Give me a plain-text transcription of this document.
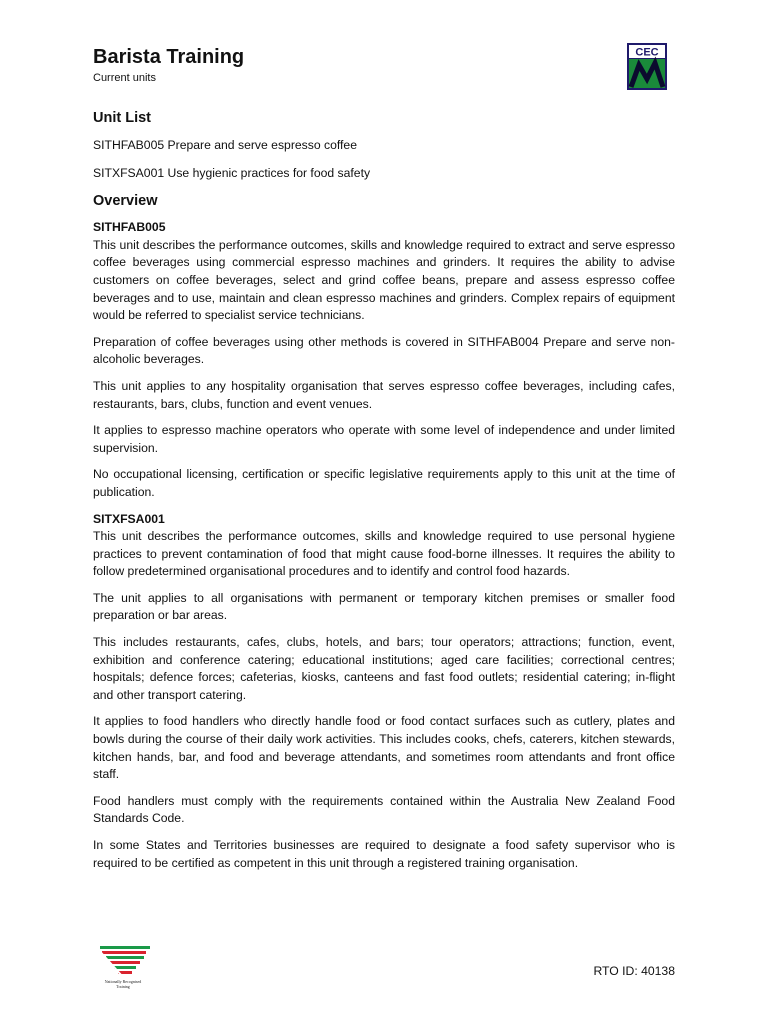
CEC
Barista Training

Current units

Unit List

SITHFAB005 Prepare and serve espresso coffee

SITXFSA001 Use hygienic practices for food safety

Overview

SITHFAB005

This unit describes the performance outcomes, skills and knowledge required to extract and serve espresso coffee beverages using commercial espresso machines and grinders. It requires the ability to advise customers on coffee beverages, select and grind coffee beans, prepare and assess espresso coffee beverages and to use, maintain and clean espresso machines and grinders. Complex repairs of equipment would be referred to specialist service technicians.

Preparation of coffee beverages using other methods is covered in SITHFAB004 Prepare and serve non-alcoholic beverages.

This unit applies to any hospitality organisation that serves espresso coffee beverages, including cafes, restaurants, bars, clubs, function and event venues.

It applies to espresso machine operators who operate with some level of independence and under limited supervision.

No occupational licensing, certification or specific legislative requirements apply to this unit at the time of publication.

SITXFSA001

This unit describes the performance outcomes, skills and knowledge required to use personal hygiene practices to prevent contamination of food that might cause food-borne illnesses. It requires the ability to follow predetermined organisational procedures and to identify and control food hazards.

The unit applies to all organisations with permanent or temporary kitchen premises or smaller food preparation or bar areas.

This includes restaurants, cafes, clubs, hotels, and bars; tour operators; attractions; function, event, exhibition and conference catering; educational institutions; aged care facilities; correctional centres; hospitals; defence forces; cafeterias, kiosks, canteens and fast food outlets; residential catering; in-flight and other transport catering.

It applies to food handlers who directly handle food or food contact surfaces such as cutlery, plates and bowls during the course of their daily work activities. This includes cooks, chefs, caterers, kitchen stewards, kitchen hands, bar, and food and beverage attendants, and sometimes room attendants and front office staff.

Food handlers must comply with the requirements contained within the Australia New Zealand Food Standards Code.

In some States and Territories businesses are required to designate a food safety supervisor who is required to be certified as competent in this unit through a registered training organisation.

Nationally Recognised
Training
RTO ID: 40138
